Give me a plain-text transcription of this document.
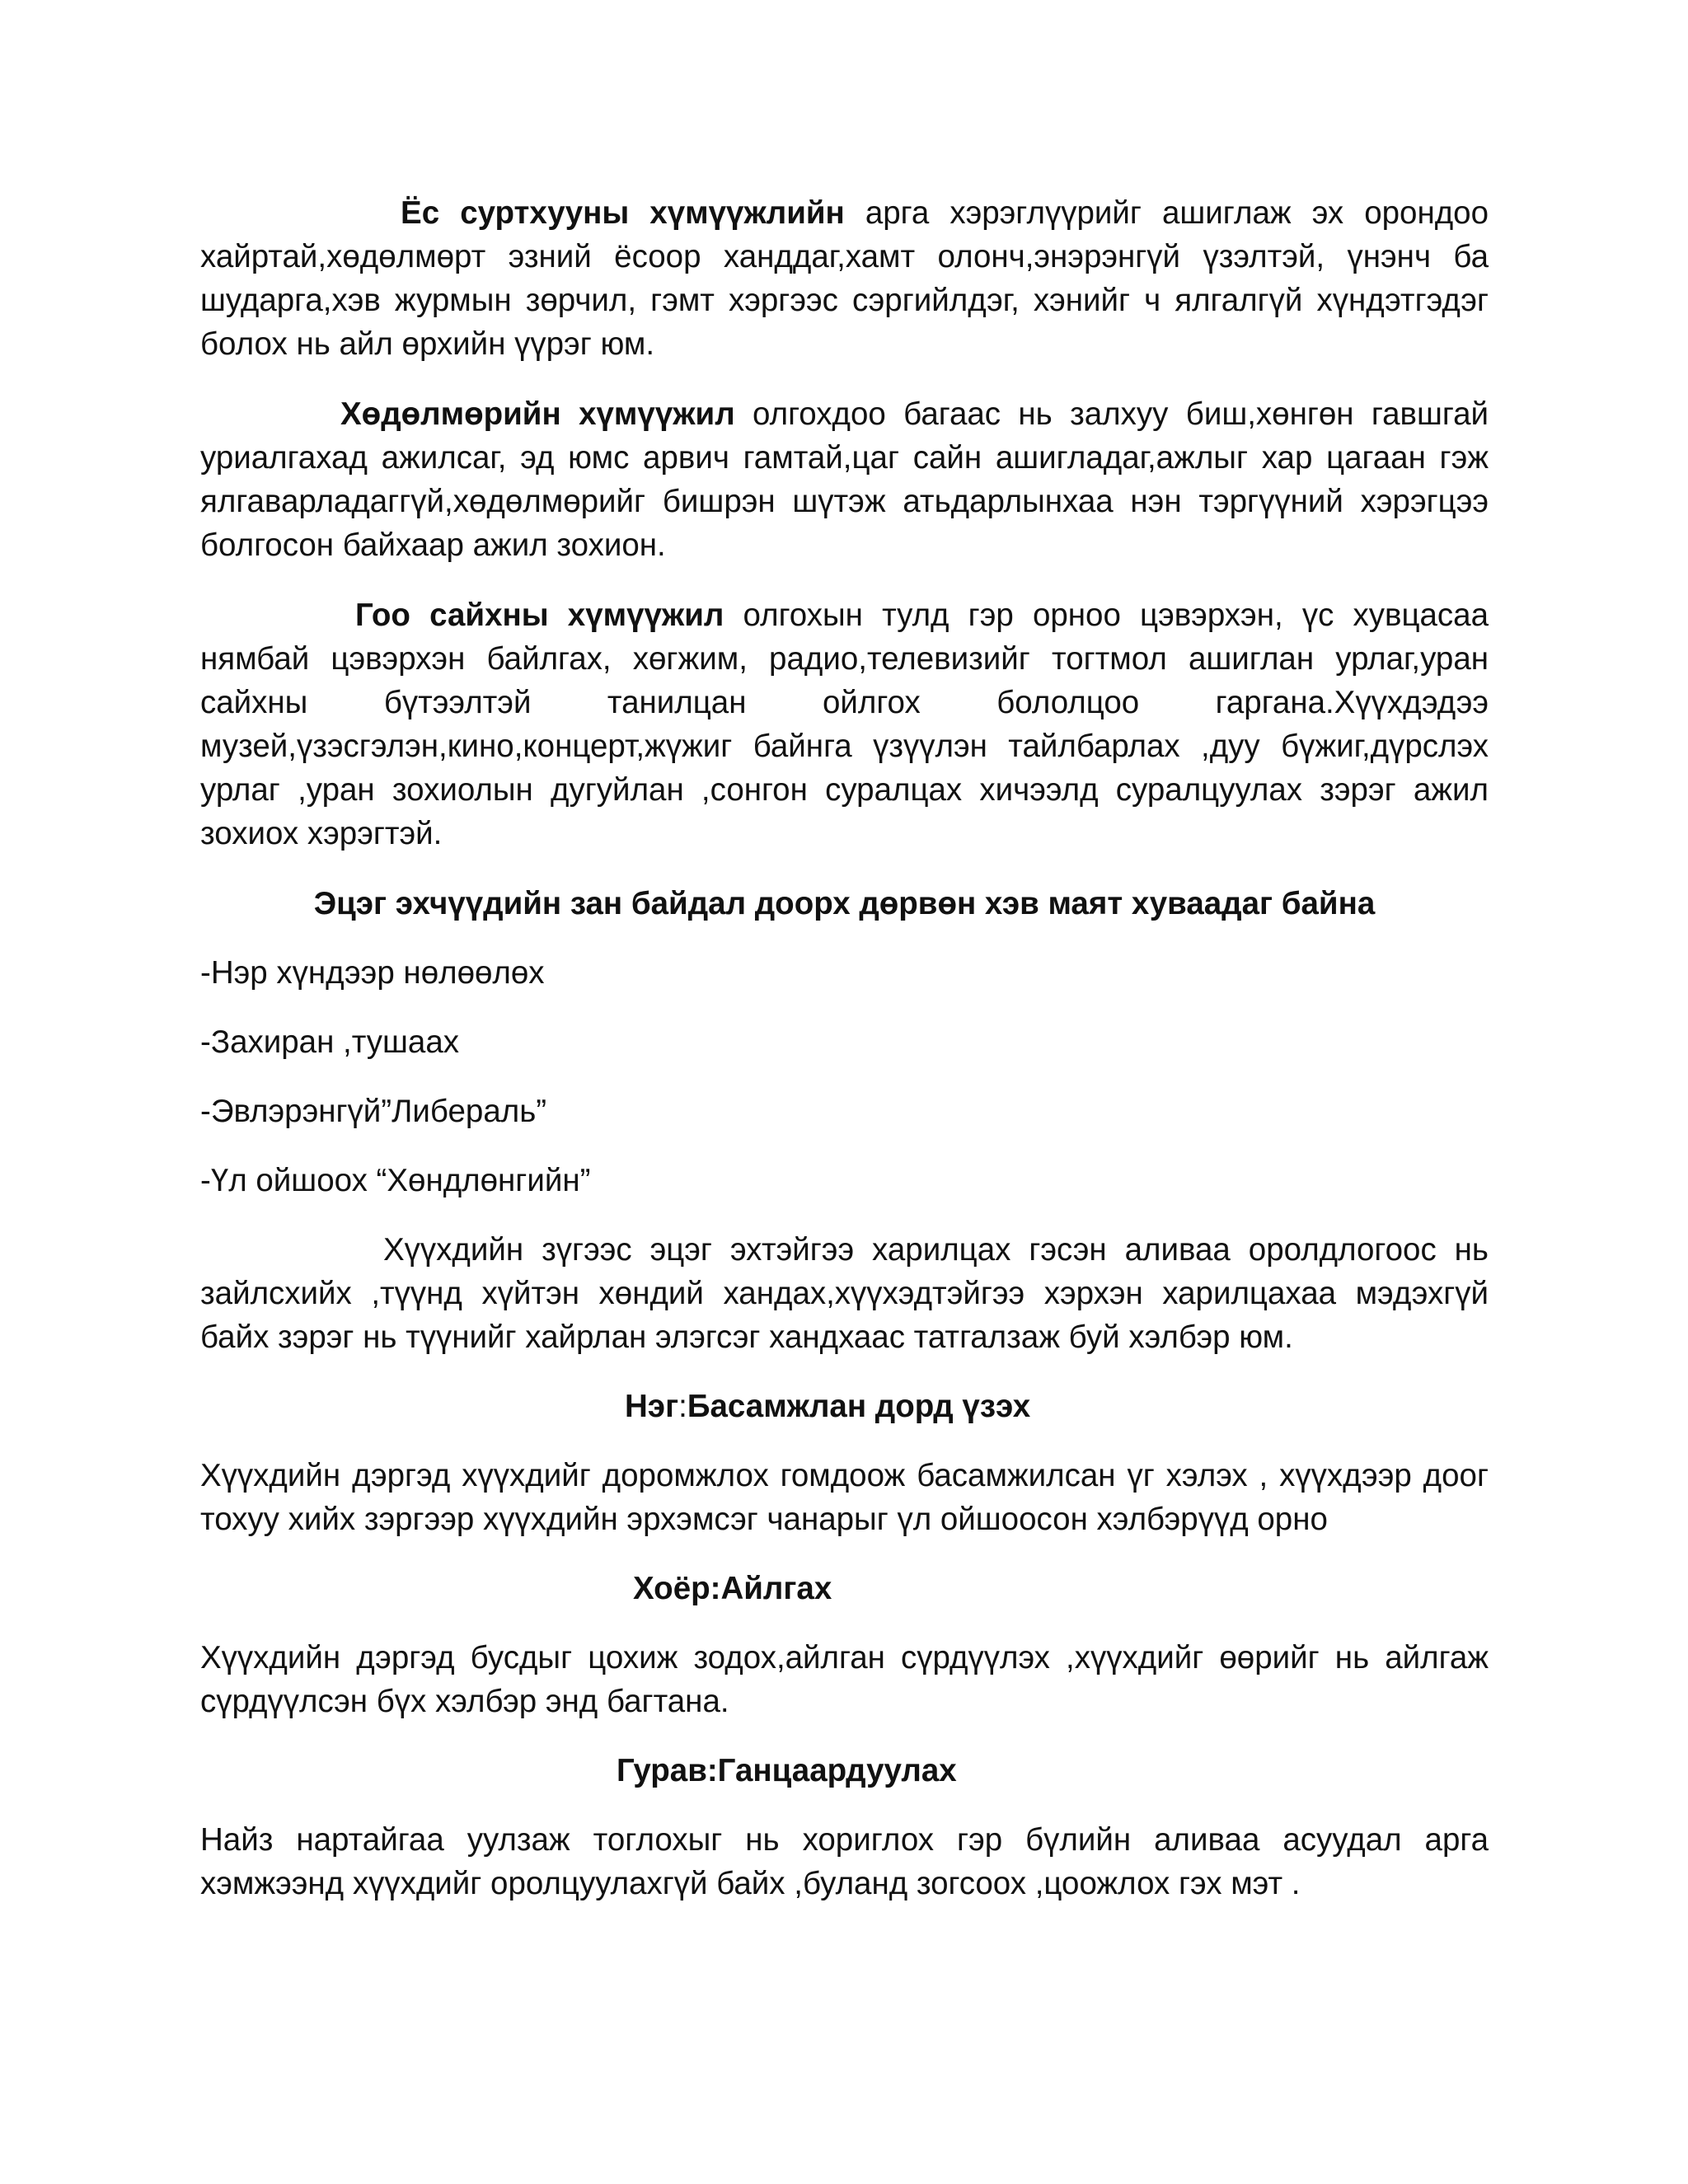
Ёс суртхууны хүмүүжлийн арга хэрэглүүрийг ашиглаж эх орондоо хайртай,хөдөлмөрт эзний ёсоор ханддаг,хамт олонч,энэрэнгүй үзэлтэй, үнэнч ба шударга,хэв журмын зөрчил, гэмт хэргээс сэргийлдэг, хэнийг ч ялгалгүй хүндэтгэдэг болох нь айл өрхийн үүрэг юм.

Хөдөлмөрийн хүмүүжил олгохдоо багаас нь залхуу биш,хөнгөн гавшгай уриалгахад ажилсаг, эд юмс арвич гамтай,цаг сайн ашигладаг,ажлыг хар цагаан гэж ялгаварладаггүй,хөдөлмөрийг бишрэн шүтэж атьдарлынхаа нэн тэргүүний хэрэгцээ болгосон байхаар ажил зохион.

Гоо сайхны хүмүүжил олгохын тулд гэр орноо цэвэрхэн, үс хувцасаа нямбай цэвэрхэн байлгах, хөгжим, радио,телевизийг тогтмол ашиглан урлаг,уран сайхны бүтээлтэй танилцан ойлгох бололцоо гаргана.Хүүхдэдээ музей,үзэсгэлэн,кино,концерт,жүжиг байнга үзүүлэн тайлбарлах ,дуу бүжиг,дүрслэх урлаг ,уран зохиолын дугуйлан ,сонгон суралцах хичээлд суралцуулах зэрэг ажил зохиох хэрэгтэй.

Эцэг эхчүүдийн зан байдал доорх дөрвөн хэв маят хуваадаг байна

-Нэр хүндээр нөлөөлөх

-Захиран ,тушаах

-Эвлэрэнгүй”Либераль”

-Үл ойшоох “Хөндлөнгийн”

Хүүхдийн зүгээс эцэг эхтэйгээ харилцах гэсэн аливаа оролдлогоос нь зайлсхийх ,түүнд хүйтэн хөндий хандах,хүүхэдтэйгээ хэрхэн харилцахаа мэдэхгүй байх зэрэг нь түүнийг хайрлан элэгсэг хандхаас татгалзаж буй хэлбэр юм.

Нэг:Басамжлан дорд үзэх

Хүүхдийн дэргэд хүүхдийг доромжлох гомдоож басамжилсан үг хэлэх , хүүхдээр доог тохуу хийх зэргээр хүүхдийн эрхэмсэг чанарыг үл ойшоосон хэлбэрүүд орно

Хоёр:Айлгах

Хүүхдийн дэргэд бусдыг цохиж зодох,айлган сүрдүүлэх ,хүүхдийг өөрийг нь айлгаж сүрдүүлсэн бүх хэлбэр энд багтана.

Гурав:Ганцаардуулах

Найз нартайгаа уулзаж тоглохыг нь хориглох гэр бүлийн аливаа асуудал арга хэмжээнд хүүхдийг оролцуулахгүй байх ,буланд зогсоох ,цоожлох гэх мэт .
